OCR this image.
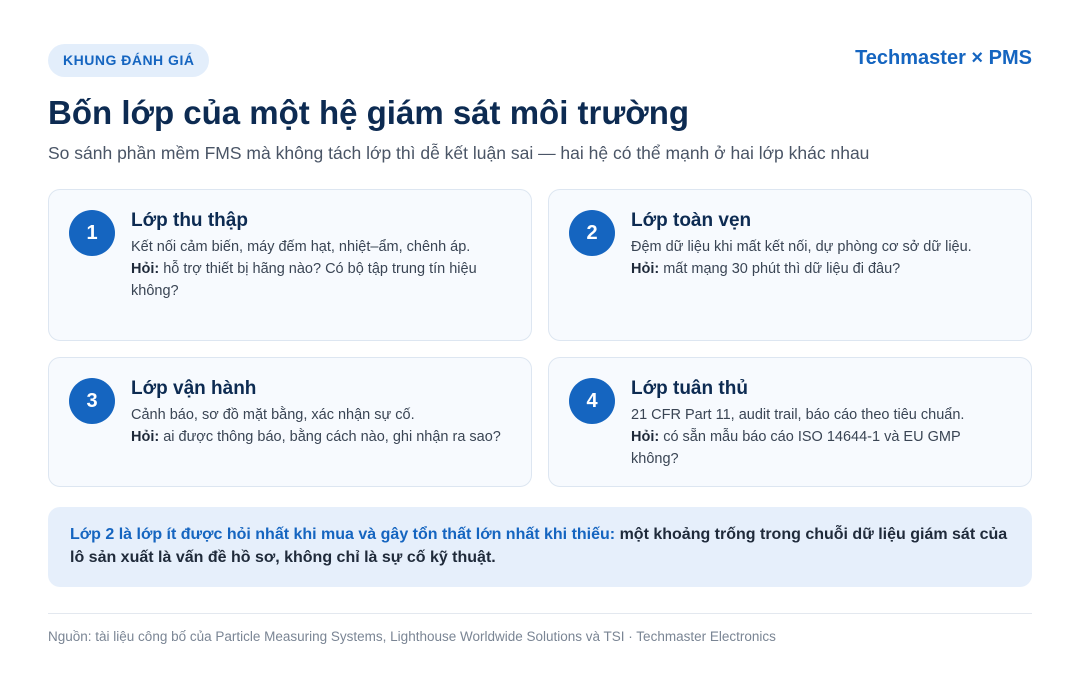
KHUNG ĐÁNH GIÁ	Techmaster × PMS
Bốn lớp của một hệ giám sát môi trường

So sánh phần mềm FMS mà không tách lớp thì dễ kết luận sai — hai hệ có thể mạnh ở hai lớp khác nhau

1
Lớp thu thập
Kết nối cảm biến, máy đếm hạt, nhiệt–ẩm, chênh áp.
Hỏi: hỗ trợ thiết bị hãng nào? Có bộ tập trung tín hiệu không?
2
Lớp toàn vẹn
Đệm dữ liệu khi mất kết nối, dự phòng cơ sở dữ liệu.
Hỏi: mất mạng 30 phút thì dữ liệu đi đâu?
3
Lớp vận hành
Cảnh báo, sơ đồ mặt bằng, xác nhận sự cố.
Hỏi: ai được thông báo, bằng cách nào, ghi nhận ra sao?
4
Lớp tuân thủ
21 CFR Part 11, audit trail, báo cáo theo tiêu chuẩn.
Hỏi: có sẵn mẫu báo cáo ISO 14644-1 và EU GMP không?
Lớp 2 là lớp ít được hỏi nhất khi mua và gây tổn thất lớn nhất khi thiếu: một khoảng trống trong chuỗi dữ liệu giám sát của lô sản xuất là vấn đề hồ sơ, không chỉ là sự cố kỹ thuật.
Nguồn: tài liệu công bố của Particle Measuring Systems, Lighthouse Worldwide Solutions và TSI · Techmaster Electronics
